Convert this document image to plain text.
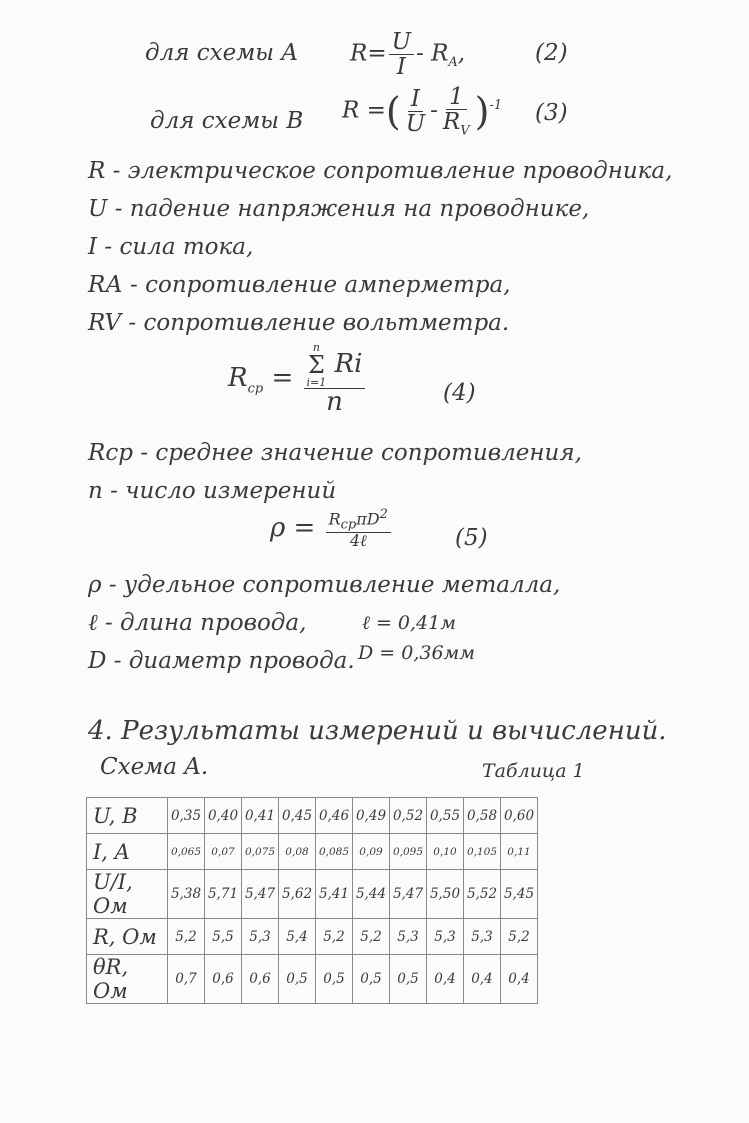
для схемы A $R= \frac{U}{I} - R_A$,	(2)
для схемы B R =( $\frac{I}{U} - \frac{1}{R_V} )^{-1}$ (3)
R - электрическое сопротивление проводника,
U - падение напряжения на проводнике,
I - сила тока,
RА - сопротивление амперметра,
RV - сопротивление вольтметра.
$R_{ср} = n$
Σ
i=1
Ri
n	(4)
Rср - среднее значение сопротивления,
n - число измерений
$\rho = \frac{R_{ср}\pi D^2}{\text{4ℓ}}$	(5)
ρ - удельное сопротивление металла,
ℓ - длина провода,
D - диаметр провода.
ℓ = 0,41м
D = 0,36мм
4. Результаты измерений и вычислений.
Схема A.	Таблица 1
U, B	0,35	0,40	0,41	0,45	0,46	0,49	0,52	0,55	0,58	0,60
I, A	0,065	0,07	0,075	0,08	0,085	0,09	0,095	0,10	0,105	0,11
U/I, Ом	5,38	5,71	5,47	5,62	5,41	5,44	5,47	5,50	5,52	5,45
R, Ом	5,2	5,5	5,3	5,4	5,2	5,2	5,3	5,3	5,3	5,2
θR, Ом	0,7	0,6	0,6	0,5	0,5	0,5	0,5	0,4	0,4	0,4
